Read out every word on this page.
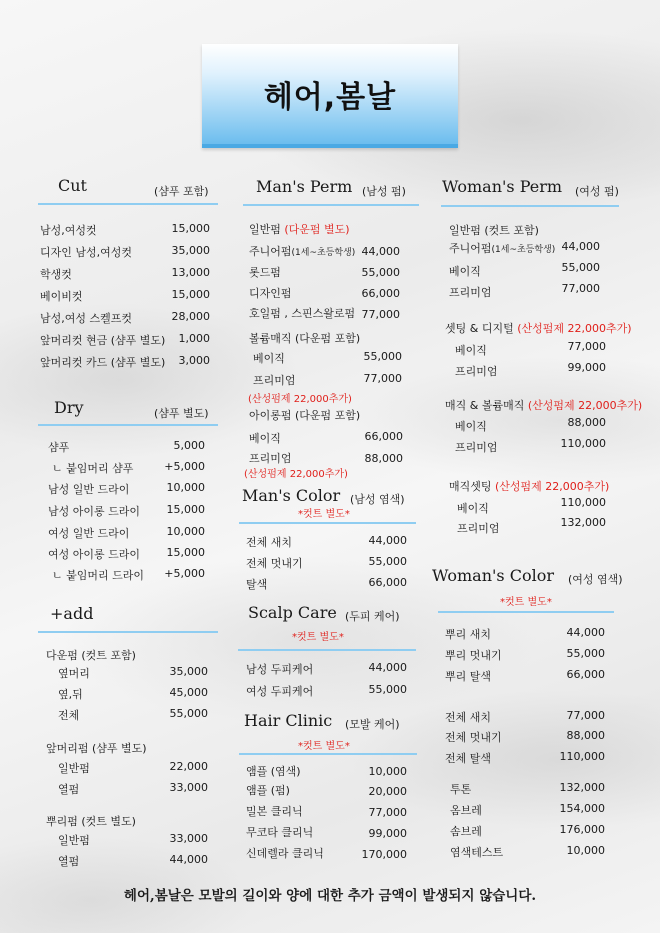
헤어,봄날
Cut	(샴푸 포함)
남성,여성컷	15,000
디자인 남성,여성컷	35,000
학생컷	13,000
베이비컷	15,000
남성,여성 스켈프컷	28,000
앞머리컷 현금 (샴푸 별도)	1,000
앞머리컷 카드 (샴푸 별도)	3,000
Dry	(샴푸 별도)
샴푸	5,000
ㄴ 붙임머리 샴푸	+5,000
남성 일반 드라이	10,000
남성 아이롱 드라이	15,000
여성 일반 드라이	10,000
여성 아이롱 드라이	15,000
ㄴ 붙임머리 드라이	+5,000
+add
다운펌 (컷트 포함)
옆머리	35,000
옆,뒤	45,000
전체	55,000
앞머리펌 (샴푸 별도)
일반펌	22,000
열펌	33,000
뿌리펌 (컷트 별도)
일반펌	33,000
열펌	44,000
Man's Perm (남성 펌)
일반펌 (다운펌 별도)
주니어펌(1세~초등학생) 44,000
롯드펌	55,000
디자인펌	66,000
호일펌 , 스핀스왈로펌 77,000
볼륨매직 (다운펌 포함)
베이직	55,000
프리미엄	77,000
(산성펌제 22,000추가)
아이롱펌 (다운펌 포함)
베이직	66,000
프리미엄	88,000
(산성펌제 22,000추가)
Man's Color (남성 염색)
*컷트 별도*
전체 새치	44,000
전체 멋내기	55,000
탈색	66,000
Scalp Care (두피 케어)
*컷트 별도*
남성 두피케어	44,000
여성 두피케어	55,000
Hair Clinic (모발 케어)
*컷트 별도*
앰플 (염색)	10,000
앰플 (펌)	20,000
밀본 클리닉	77,000
무코타 클리닉	99,000
신데렐라 클리닉	170,000
Woman's Perm (여성 펌)
일반펌 (컷트 포함)
주니어펌(1세~초등학생) 44,000
베이직	55,000
프리미엄	77,000
셋팅 & 디지털 (산성펌제 22,000추가)
베이직	77,000
프리미엄	99,000
매직 & 볼륨매직 (산성펌제 22,000추가)
베이직	88,000
프리미엄	110,000
매직셋팅 (산성펌제 22,000추가)
베이직	110,000
프리미엄	132,000
Woman's Color (여성 염색)
*컷트 별도*
뿌리 새치	44,000
뿌리 멋내기	55,000
뿌리 탈색	66,000
전체 새치	77,000
전체 멋내기	88,000
전체 탈색	110,000
투톤	132,000
옴브레	154,000
솜브레	176,000
염색테스트	10,000
헤어,봄날은 모발의 길이와 양에 대한 추가 금액이 발생되지 않습니다.
